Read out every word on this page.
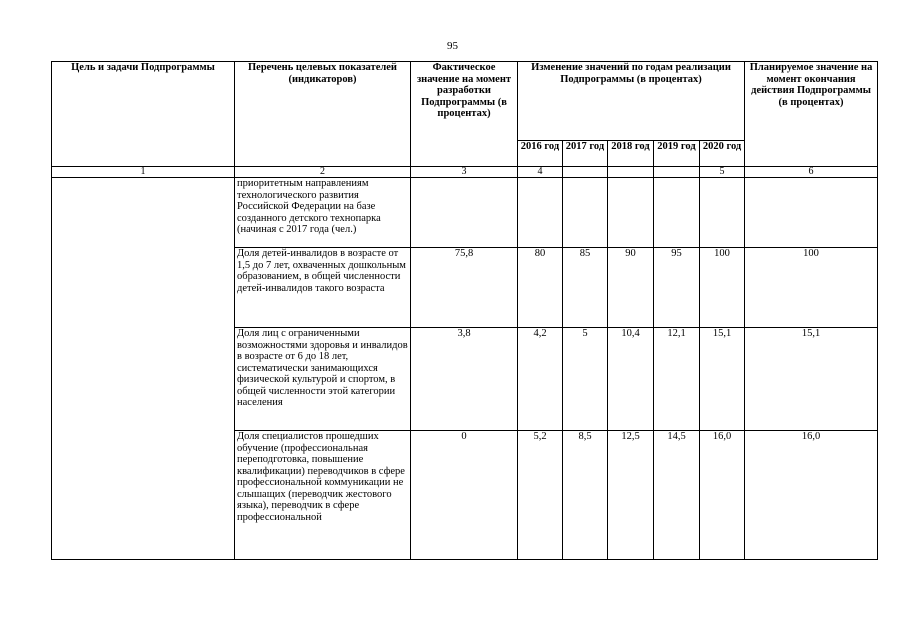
95
Цель и задачи Подпрограммы	Перечень целевых показателей (индикаторов)	Фактическое значение на момент разработки Подпрограммы (в процентах)	Изменение значений по годам реализации Подпрограммы (в процентах)					Планируемое значение на момент окончания действия Подпрограммы (в процентах)
			2016 год	2017 год	2018 год	2019 год	2020 год	
1	2	3	4				5	6
	приоритетным направлениям технологического развития Российской Федерации на базе созданного детского технопарка (начиная с 2017 года (чел.)							
	Доля детей-инвалидов в возрасте от 1,5 до 7 лет, охваченных дошкольным образованием, в общей численности детей-инвалидов такого возраста	75,8	80	85	90	95	100	100
	Доля лиц с ограниченными возможностями здоровья и инвалидов в возрасте от 6 до 18 лет, систематически занимающихся физической культурой и спортом, в общей численности этой категории населения	3,8	4,2	5	10,4	12,1	15,1	15,1
	Доля специалистов прошедших обучение (профессиональная переподготовка, повышение квалификации) переводчиков в сфере профессиональной коммуникации не слышащих (переводчик жестового языка), переводчик в сфере профессиональной	0	5,2	8,5	12,5	14,5	16,0	16,0
